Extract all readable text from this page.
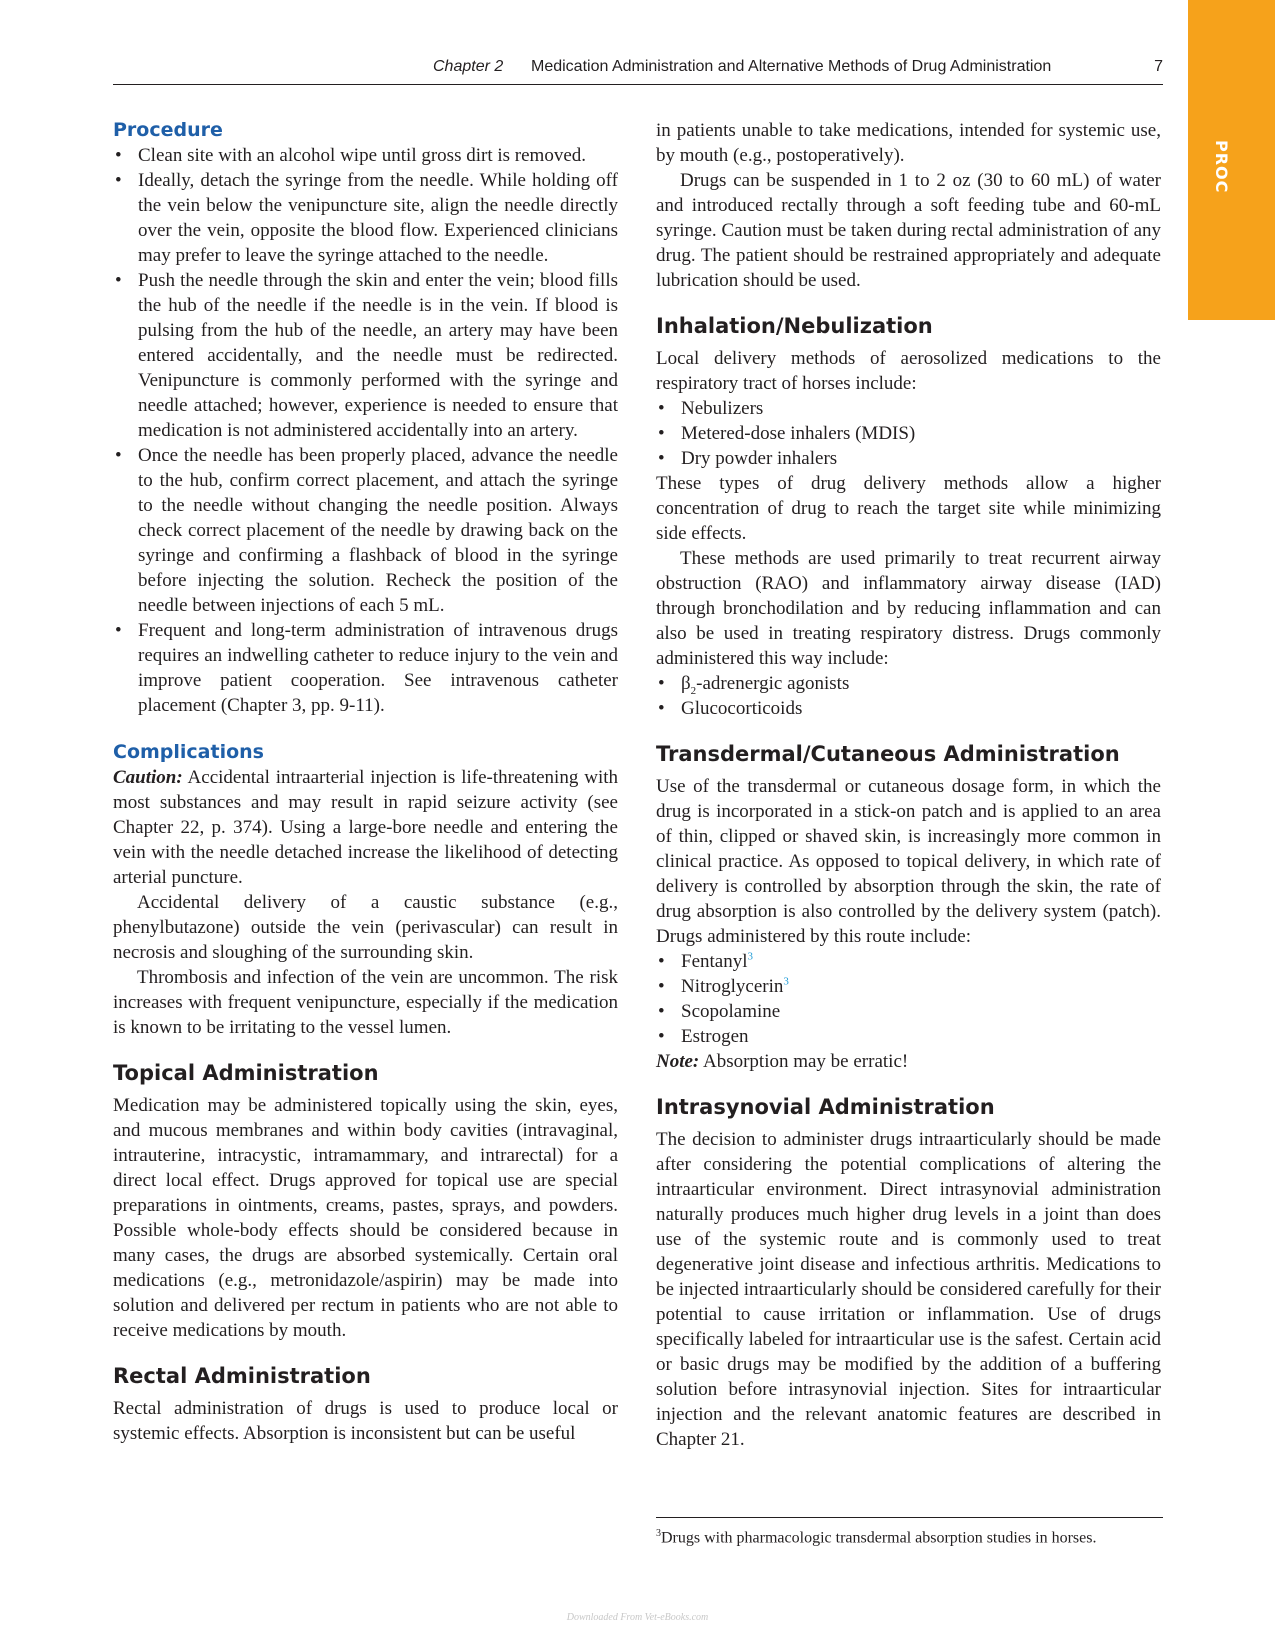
PROC
Chapter 2 Medication Administration and Alternative Methods of Drug Administration	7
Procedure
• Clean site with an alcohol wipe until gross dirt is removed.
• Ideally, detach the syringe from the needle. While holding off the vein below the venipuncture site, align the needle directly over the vein, opposite the blood flow. Experienced clinicians may prefer to leave the syringe attached to the needle.
• Push the needle through the skin and enter the vein; blood fills the hub of the needle if the needle is in the vein. If blood is pulsing from the hub of the needle, an artery may have been entered accidentally, and the needle must be redirected. Venipuncture is commonly performed with the syringe and needle attached; however, experience is needed to ensure that medication is not administered accidentally into an artery.
• Once the needle has been properly placed, advance the needle to the hub, confirm correct placement, and attach the syringe to the needle without changing the needle position. Always check correct placement of the needle by drawing back on the syringe and confirming a flashback of blood in the syringe before injecting the solution. Recheck the position of the needle between injections of each 5 mL.
• Frequent and long-term administration of intravenous drugs requires an indwelling catheter to reduce injury to the vein and improve patient cooperation. See intravenous catheter placement (Chapter 3, pp. 9-11).
Complications

Caution: Accidental intraarterial injection is life-threatening with most substances and may result in rapid seizure activity (see Chapter 22, p. 374). Using a large-bore needle and entering the vein with the needle detached increase the likelihood of detecting arterial puncture.

Accidental delivery of a caustic substance (e.g., phenylbutazone) outside the vein (perivascular) can result in necrosis and sloughing of the surrounding skin.

Thrombosis and infection of the vein are uncommon. The risk increases with frequent venipuncture, especially if the medication is known to be irritating to the vessel lumen.

Topical Administration

Medication may be administered topically using the skin, eyes, and mucous membranes and within body cavities (intravaginal, intrauterine, intracystic, intramammary, and intrarectal) for a direct local effect. Drugs approved for topical use are special preparations in ointments, creams, pastes, sprays, and powders. Possible whole-body effects should be considered because in many cases, the drugs are absorbed systemically. Certain oral medications (e.g., metronidazole/aspirin) may be made into solution and delivered per rectum in patients who are not able to receive medications by mouth.

Rectal Administration

Rectal administration of drugs is used to produce local or systemic effects. Absorption is inconsistent but can be useful

in patients unable to take medications, intended for systemic use, by mouth (e.g., postoperatively).

Drugs can be suspended in 1 to 2 oz (30 to 60 mL) of water and introduced rectally through a soft feeding tube and 60-mL syringe. Caution must be taken during rectal administration of any drug. The patient should be restrained appropriately and adequate lubrication should be used.

Inhalation/Nebulization

Local delivery methods of aerosolized medications to the respiratory tract of horses include:

• Nebulizers
• Metered-dose inhalers (MDIS)
• Dry powder inhalers

These types of drug delivery methods allow a higher concentration of drug to reach the target site while minimizing side effects.

These methods are used primarily to treat recurrent airway obstruction (RAO) and inflammatory airway disease (IAD) through bronchodilation and by reducing inflammation and can also be used in treating respiratory distress. Drugs commonly administered this way include:

• $\beta_2$-adrenergic agonists
• Glucocorticoids
Transdermal/Cutaneous Administration

Use of the transdermal or cutaneous dosage form, in which the drug is incorporated in a stick-on patch and is applied to an area of thin, clipped or shaved skin, is increasingly more common in clinical practice. As opposed to topical delivery, in which rate of delivery is controlled by absorption through the skin, the rate of drug absorption is also controlled by the delivery system (patch). Drugs administered by this route include:

• Fentanyl$^3$
• Nitroglycerin$^3$
• Scopolamine
• Estrogen

Note: Absorption may be erratic!

Intrasynovial Administration

The decision to administer drugs intraarticularly should be made after considering the potential complications of altering the intraarticular environment. Direct intrasynovial administration naturally produces much higher drug levels in a joint than does use of the systemic route and is commonly used to treat degenerative joint disease and infectious arthritis. Medications to be injected intraarticularly should be considered carefully for their potential to cause irritation or inflammation. Use of drugs specifically labeled for intraarticular use is the safest. Certain acid or basic drugs may be modified by the addition of a buffering solution before intrasynovial injection. Sites for intraarticular injection and the relevant anatomic features are described in Chapter 21.

$^3$Drugs with pharmacologic transdermal absorption studies in horses.
Downloaded From Vet-eBooks.com
